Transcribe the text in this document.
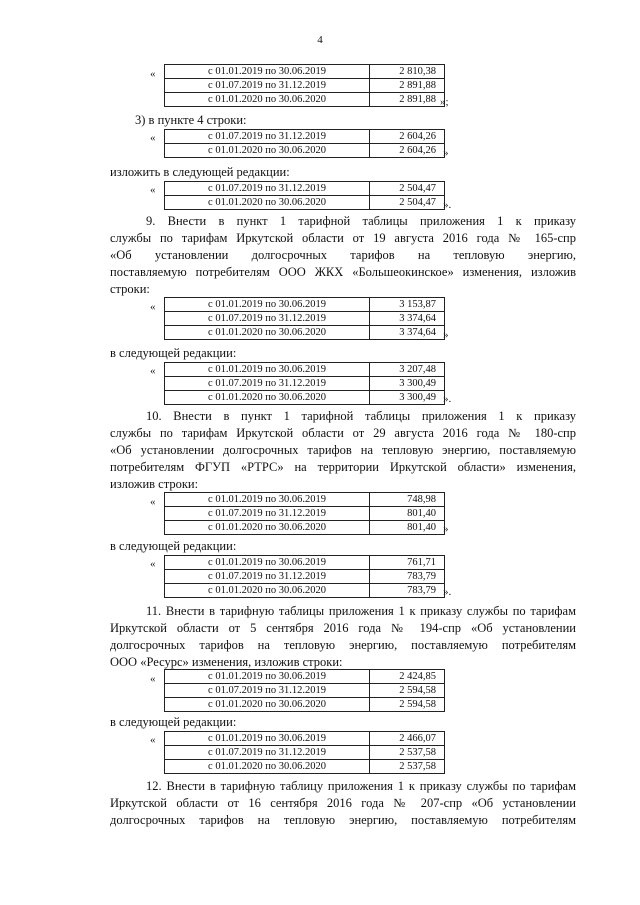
4
«	с 01.01.2019 по 30.06.2019	2 810,38
с 01.07.2019 по 31.12.2019	2 891,88
с 01.01.2020 по 30.06.2020	2 891,88 »;
3) в пункте 4 строки:
«	с 01.07.2019 по 31.12.2019	2 604,26
с 01.01.2020 по 30.06.2020	2 604,26 »
изложить в следующей редакции:
«	с 01.07.2019 по 31.12.2019	2 504,47
с 01.01.2020 по 30.06.2020	2 504,47 ».
9. Внести в пункт 1 тарифной таблицы приложения 1 к приказу
службы по тарифам Иркутской области от 19 августа 2016 года № 165-спр
«Об установлении долгосрочных тарифов на тепловую энергию,
поставляемую потребителям ООО ЖКХ «Большеокинское» изменения, изложив
строки:
«	с 01.01.2019 по 30.06.2019	3 153,87
с 01.07.2019 по 31.12.2019	3 374,64
с 01.01.2020 по 30.06.2020	3 374,64 »
в следующей редакции:
«	с 01.01.2019 по 30.06.2019	3 207,48
с 01.07.2019 по 31.12.2019	3 300,49
с 01.01.2020 по 30.06.2020	3 300,49 ».
10. Внести в пункт 1 тарифной таблицы приложения 1 к приказу
службы по тарифам Иркутской области от 29 августа 2016 года № 180-спр
«Об установлении долгосрочных тарифов на тепловую энергию, поставляемую
потребителям ФГУП «РТРС» на территории Иркутской области» изменения,
изложив строки:
«	с 01.01.2019 по 30.06.2019	748,98
с 01.07.2019 по 31.12.2019	801,40
с 01.01.2020 по 30.06.2020	801,40 »
в следующей редакции:
«	с 01.01.2019 по 30.06.2019	761,71
с 01.07.2019 по 31.12.2019	783,79
с 01.01.2020 по 30.06.2020	783,79 ».
11. Внести в тарифную таблицы приложения 1 к приказу службы по тарифам
Иркутской области от 5 сентября 2016 года № 194-спр «Об установлении
долгосрочных тарифов на тепловую энергию, поставляемую потребителям
ООО «Ресурс» изменения, изложив строки:
«	с 01.01.2019 по 30.06.2019	2 424,85
с 01.07.2019 по 31.12.2019	2 594,58
с 01.01.2020 по 30.06.2020	2 594,58
в следующей редакции:
«	с 01.01.2019 по 30.06.2019	2 466,07
с 01.07.2019 по 31.12.2019	2 537,58
с 01.01.2020 по 30.06.2020	2 537,58
12. Внести в тарифную таблицу приложения 1 к приказу службы по тарифам
Иркутской области от 16 сентября 2016 года № 207-спр «Об установлении
долгосрочных тарифов на тепловую энергию, поставляемую потребителям
